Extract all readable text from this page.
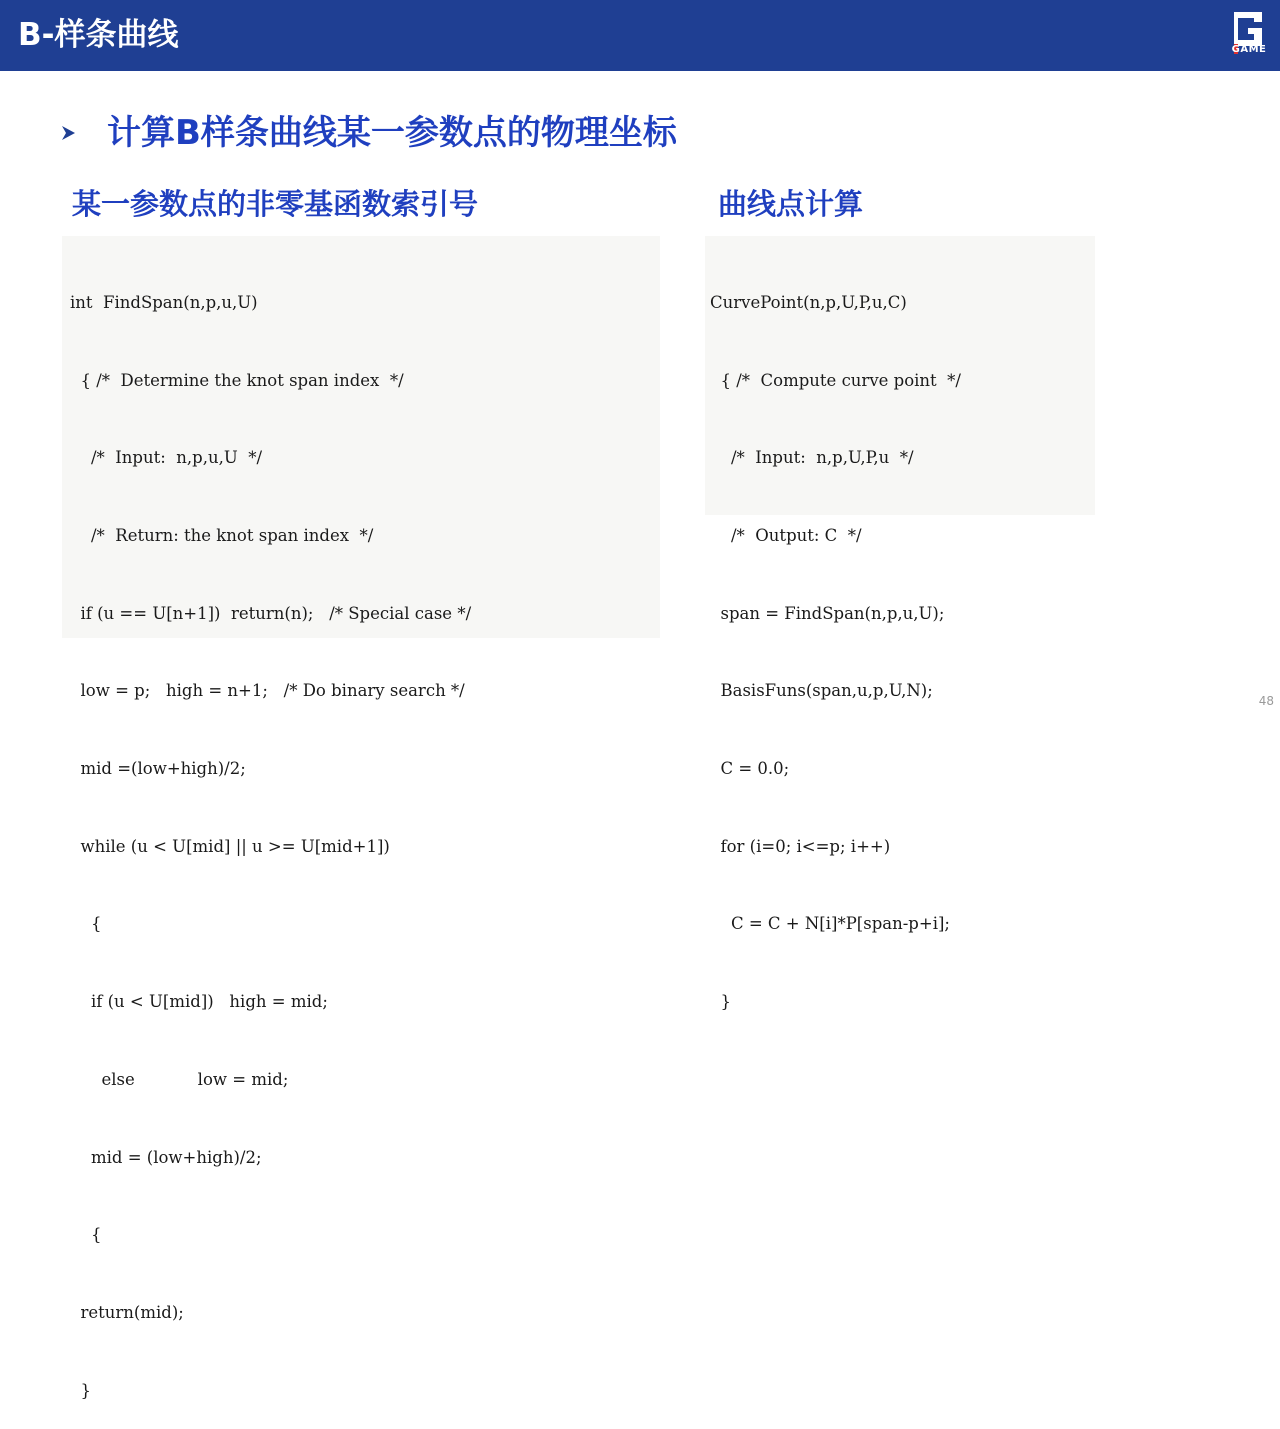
B-样条曲线	GAME
计算B样条曲线某一参数点的物理坐标
某一参数点的非零基函数索引号	曲线点计算

int  FindSpan(n,p,u,U)

{ /*  Determine the knot span index  */

/*  Input:  n,p,u,U  */

/*  Return: the knot span index  */

if (u == U[n+1])  return(n);   /* Special case */

low = p;   high = n+1;   /* Do binary search */

mid =(low+high)/2;

while (u < U[mid] || u >= U[mid+1])

{

if (u < U[mid])   high = mid;

else            low = mid;

mid = (low+high)/2;

{

return(mid);

}

CurvePoint(n,p,U,P,u,C)

{ /*  Compute curve point  */

/*  Input:  n,p,U,P,u  */

/*  Output: C  */

span = FindSpan(n,p,u,U);

BasisFuns(span,u,p,U,N);

C = 0.0;

for (i=0; i<=p; i++)

C = C + N[i]*P[span-p+i];

}

48
